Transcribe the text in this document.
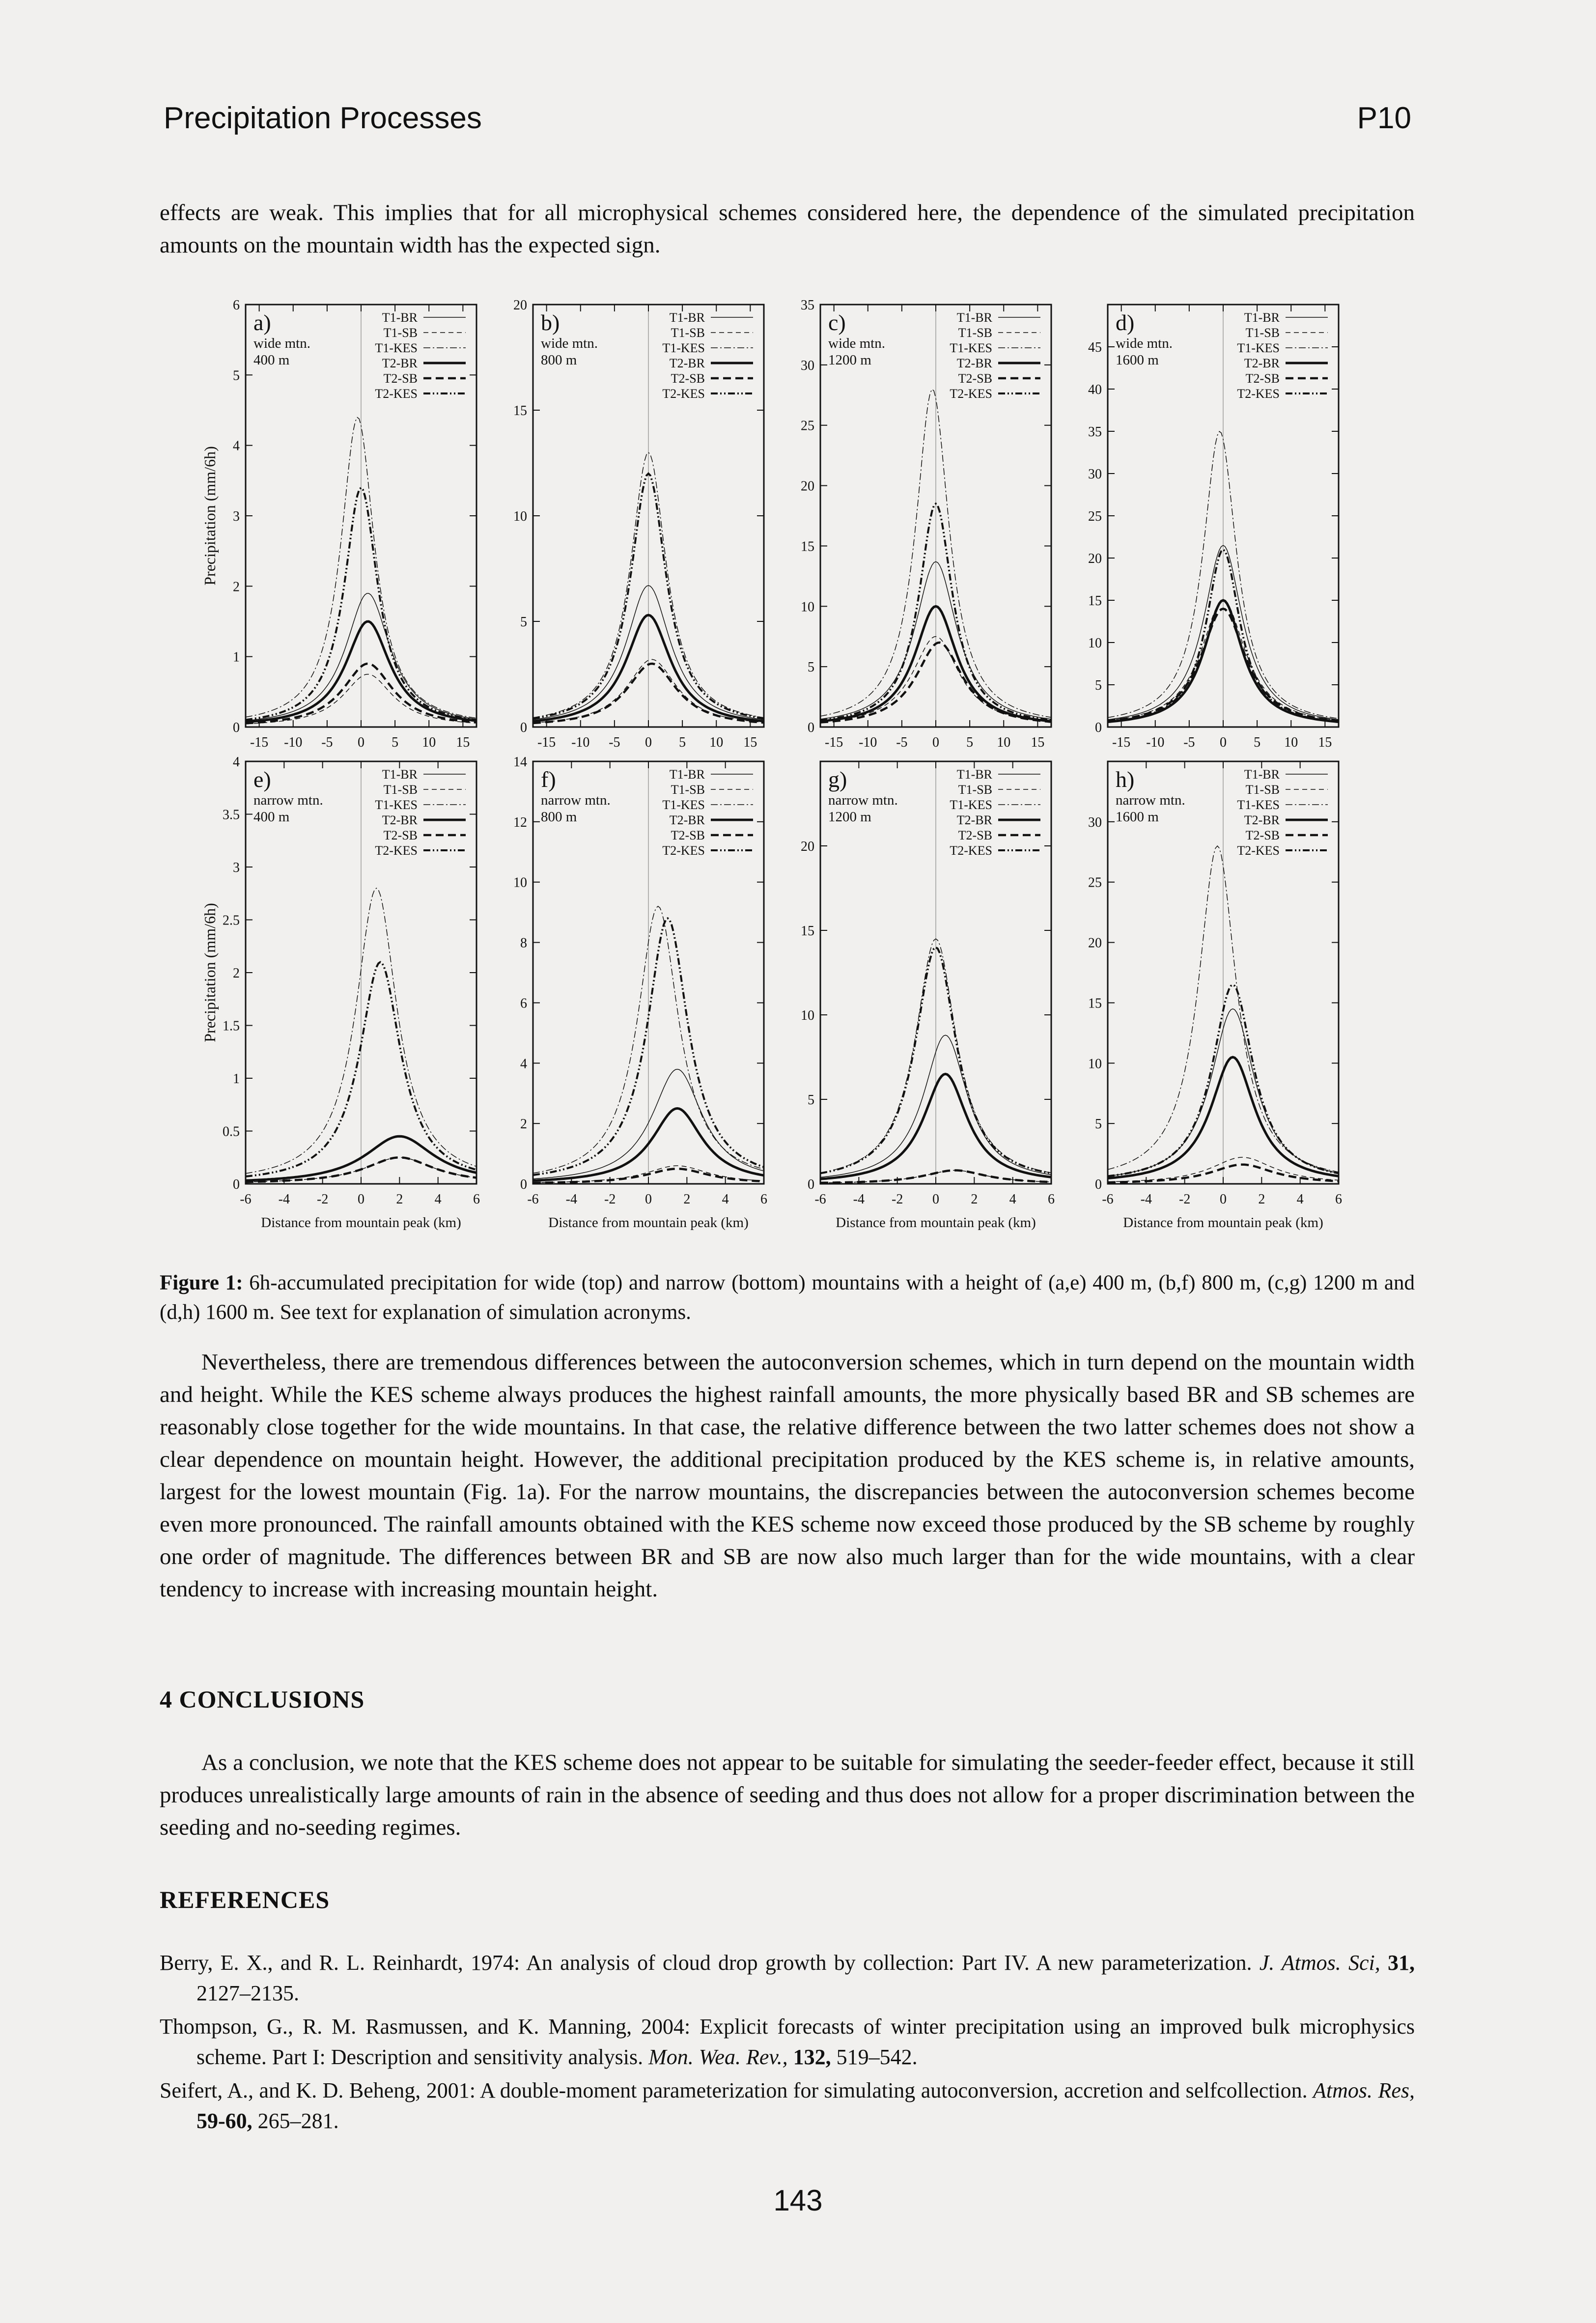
Precipitation Processes	P10
effects are weak. This implies that for all microphysical schemes considered here, the dependence of the simulated precipitation amounts on the mountain width has the expected sign.
0
1
2
3
4
5
6
-15 -10 -5 0 5 10 15
a)
wide mtn.
400 m
T1-BR
T1-SB
T1-KES
T2-BR
T2-SB
T2-KES
Precipitation (mm/6h)
0
5
10
15
20
-15 -10 -5 0 5 10 15
b)
wide mtn.
800 m
T1-BR
T1-SB
T1-KES
T2-BR
T2-SB
T2-KES
0
5
10
15
20
25
30
35
-15 -10 -5 0 5 10 15
c)
wide mtn.
1200 m
T1-BR
T1-SB
T1-KES
T2-BR
T2-SB
T2-KES
0
5
10
15
20
25
30
35
40
45
-15 -10 -5 0 5 10 15
d)
wide mtn.
1600 m
T1-BR
T1-SB
T1-KES
T2-BR
T2-SB
T2-KES
0
0.5
1
1.5
2
2.5
3
3.5
4
-6 -4 -2 0 2 4 6
e)
narrow mtn.
400 m
T1-BR
T1-SB
T1-KES
T2-BR
T2-SB
T2-KES
Precipitation (mm/6h)
Distance from mountain peak (km)
0
2
4
6
8
10
12
14
-6 -4 -2 0 2 4 6
f)
narrow mtn.
800 m
T1-BR
T1-SB
T1-KES
T2-BR
T2-SB
T2-KES
Distance from mountain peak (km)
0
5
10
15
20
-6 -4 -2 0 2 4 6
g)
narrow mtn.
1200 m
T1-BR
T1-SB
T1-KES
T2-BR
T2-SB
T2-KES
Distance from mountain peak (km)
0
5
10
15
20
25
30
-6 -4 -2 0 2 4 6
h)
narrow mtn.
1600 m
T1-BR
T1-SB
T1-KES
T2-BR
T2-SB
T2-KES
Distance from mountain peak (km)
Figure 1: 6h-accumulated precipitation for wide (top) and narrow (bottom) mountains with a height of (a,e) 400 m, (b,f) 800 m, (c,g) 1200 m and (d,h) 1600 m. See text for explanation of simulation acronyms.
Nevertheless, there are tremendous differences between the autoconversion schemes, which in turn depend on the mountain width and height. While the KES scheme always produces the highest rainfall amounts, the more physically based BR and SB schemes are reasonably close together for the wide mountains. In that case, the relative difference between the two latter schemes does not show a clear dependence on mountain height. However, the additional precipitation produced by the KES scheme is, in relative amounts, largest for the lowest mountain (Fig. 1a). For the narrow mountains, the discrepancies between the autoconversion schemes become even more pronounced. The rainfall amounts obtained with the KES scheme now exceed those produced by the SB scheme by roughly one order of magnitude. The differences between BR and SB are now also much larger than for the wide mountains, with a clear tendency to increase with increasing mountain height.
4 CONCLUSIONS
As a conclusion, we note that the KES scheme does not appear to be suitable for simulating the seeder-feeder effect, because it still produces unrealistically large amounts of rain in the absence of seeding and thus does not allow for a proper discrimination between the seeding and no-seeding regimes.
REFERENCES
Berry, E. X., and R. L. Reinhardt, 1974: An analysis of cloud drop growth by collection: Part IV. A new parameterization. J. Atmos. Sci, 31, 2127–2135.
Thompson, G., R. M. Rasmussen, and K. Manning, 2004: Explicit forecasts of winter precipitation using an improved bulk microphysics scheme. Part I: Description and sensitivity analysis. Mon. Wea. Rev., 132, 519–542.
Seifert, A., and K. D. Beheng, 2001: A double-moment parameterization for simulating autoconversion, accretion and selfcollection. Atmos. Res, 59-60, 265–281.
143
